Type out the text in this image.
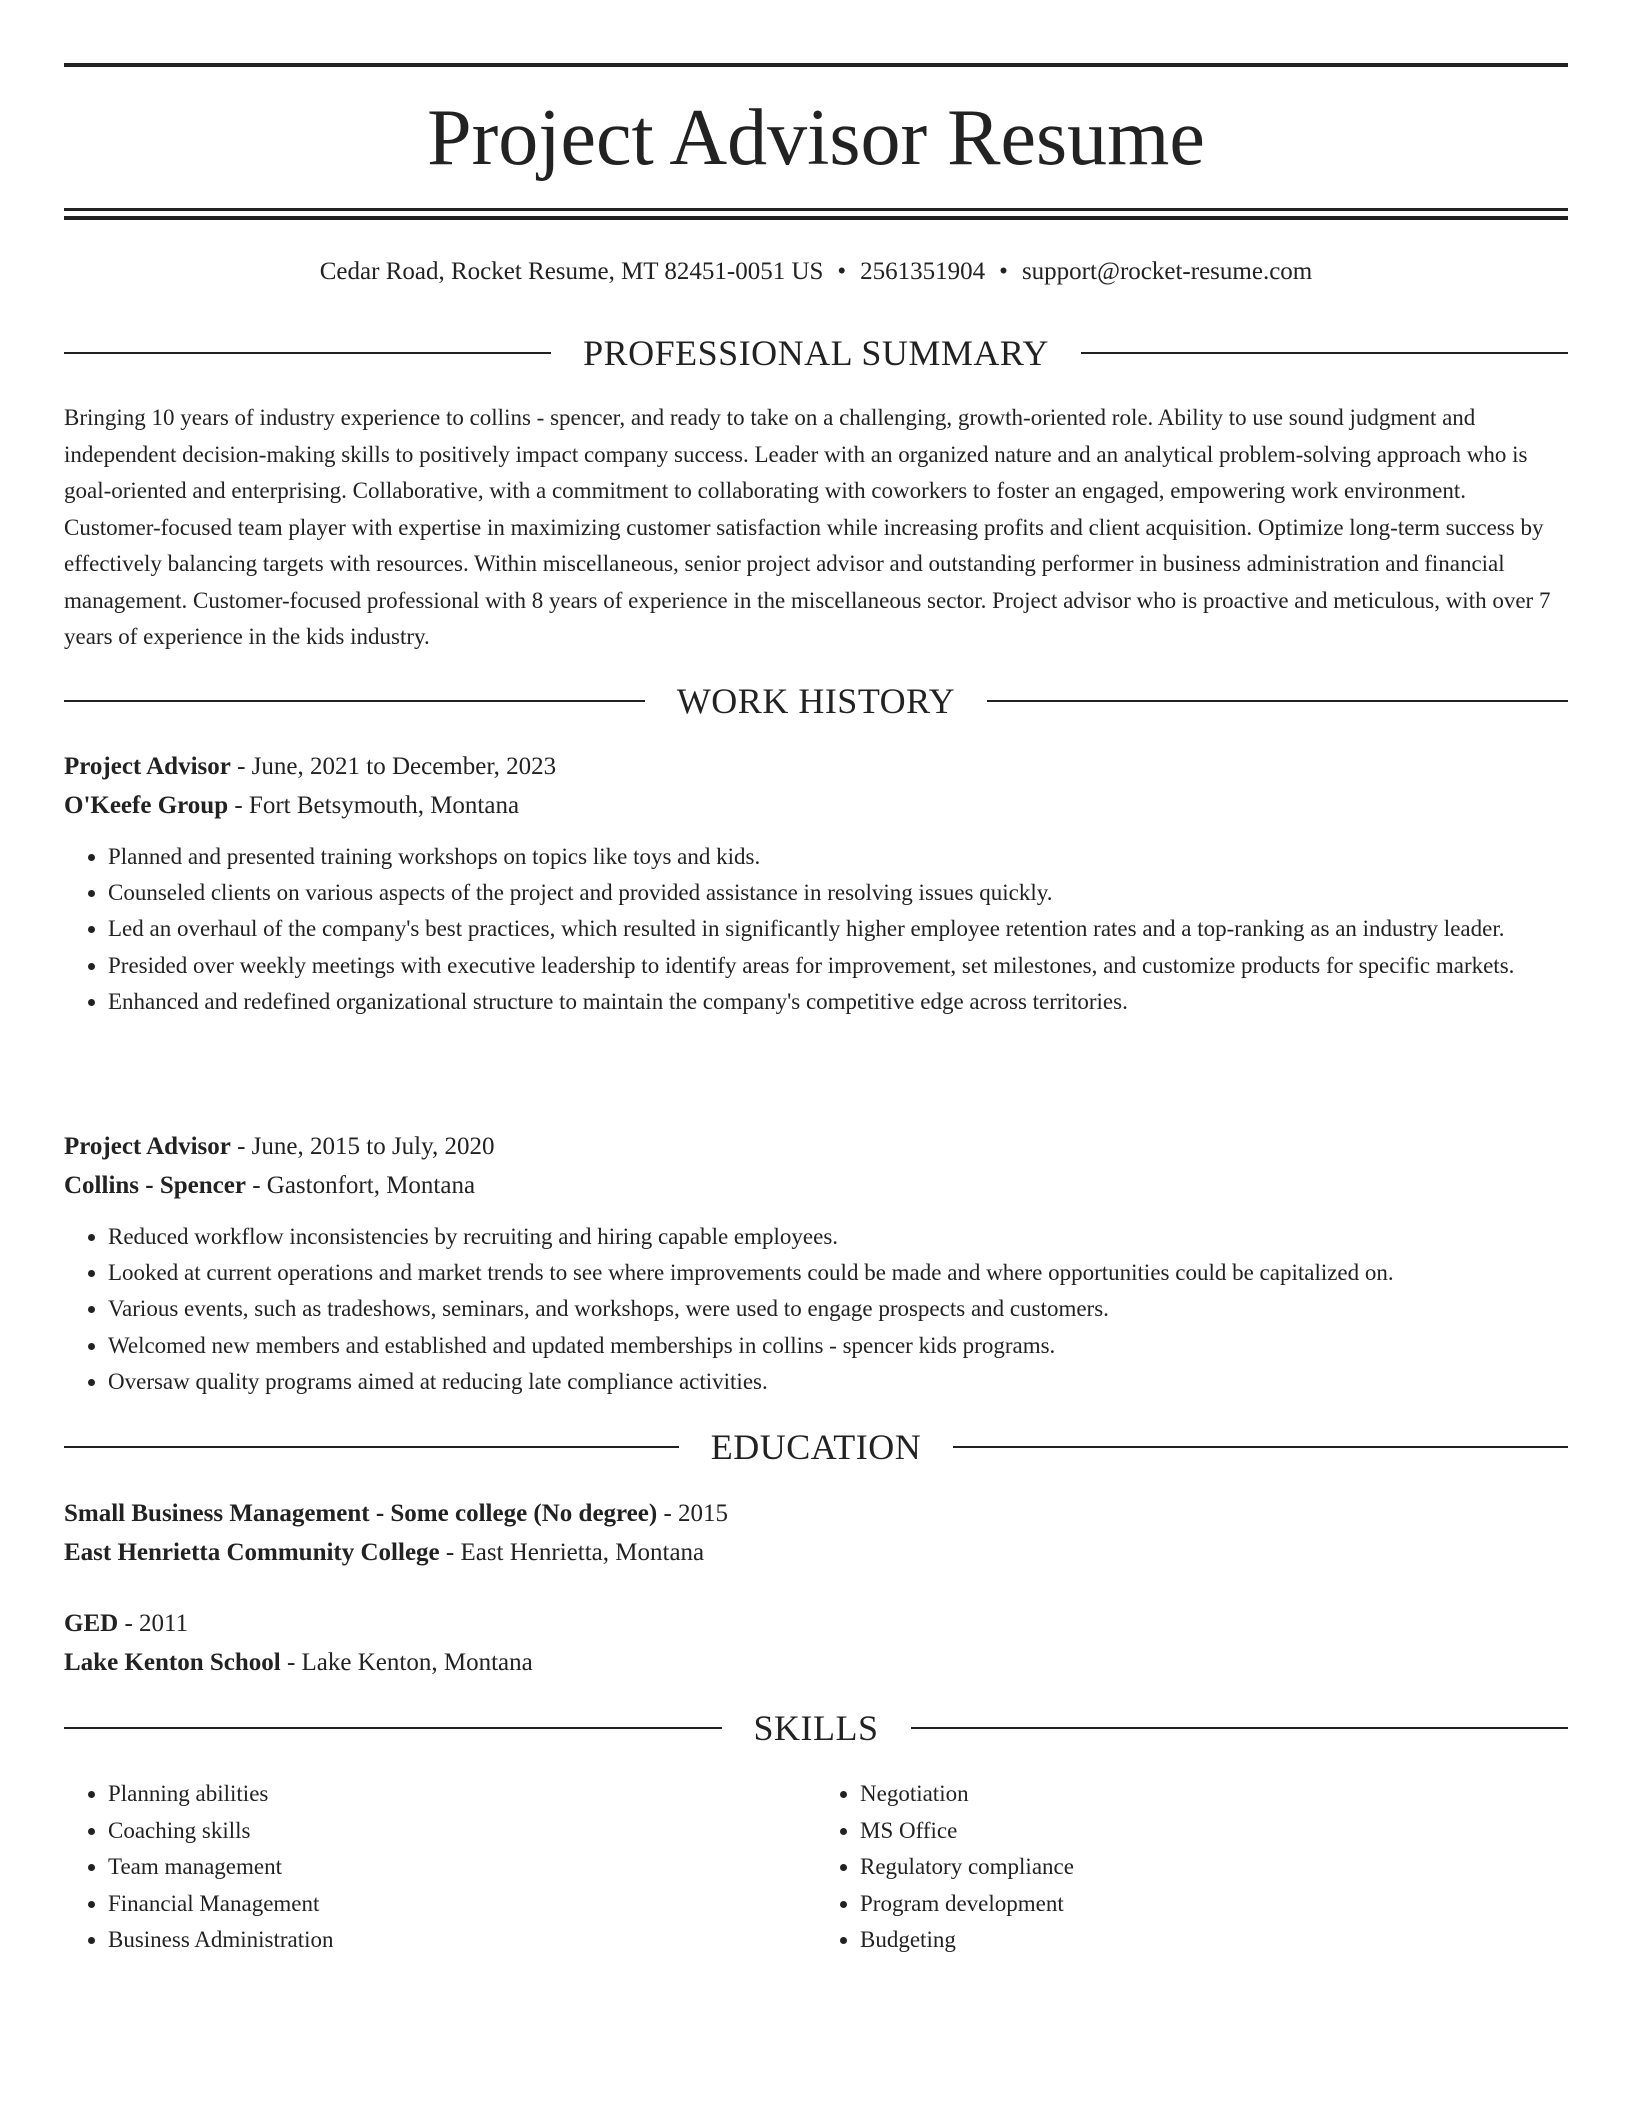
Project Advisor Resume
Cedar Road, Rocket Resume, MT 82451-0051 US • 2561351904 • support@rocket-resume.com
PROFESSIONAL SUMMARY

Bringing 10 years of industry experience to collins - spencer, and ready to take on a challenging, growth-oriented role. Ability to use sound judgment and independent decision-making skills to positively impact company success. Leader with an organized nature and an analytical problem-solving approach who is goal-oriented and enterprising. Collaborative, with a commitment to collaborating with coworkers to foster an engaged, empowering work environment. Customer-focused team player with expertise in maximizing customer satisfaction while increasing profits and client acquisition. Optimize long-term success by effectively balancing targets with resources. Within miscellaneous, senior project advisor and outstanding performer in business administration and financial management. Customer-focused professional with 8 years of experience in the miscellaneous sector. Project advisor who is proactive and meticulous, with over 7 years of experience in the kids industry.

WORK HISTORY
Project Advisor - June, 2021 to December, 2023
O'Keefe Group - Fort Betsymouth, Montana
• Planned and presented training workshops on topics like toys and kids.
• Counseled clients on various aspects of the project and provided assistance in resolving issues quickly.
• Led an overhaul of the company's best practices, which resulted in significantly higher employee retention rates and a top-ranking as an industry leader.
• Presided over weekly meetings with executive leadership to identify areas for improvement, set milestones, and customize products for specific markets.
• Enhanced and redefined organizational structure to maintain the company's competitive edge across territories.
Project Advisor - June, 2015 to July, 2020
Collins - Spencer - Gastonfort, Montana
• Reduced workflow inconsistencies by recruiting and hiring capable employees.
• Looked at current operations and market trends to see where improvements could be made and where opportunities could be capitalized on.
• Various events, such as tradeshows, seminars, and workshops, were used to engage prospects and customers.
• Welcomed new members and established and updated memberships in collins - spencer kids programs.
• Oversaw quality programs aimed at reducing late compliance activities.
EDUCATION
Small Business Management - Some college (No degree) - 2015
East Henrietta Community College - East Henrietta, Montana
GED - 2011
Lake Kenton School - Lake Kenton, Montana
SKILLS
• Planning abilities
• Coaching skills
• Team management
• Financial Management
• Business Administration
• Negotiation
• MS Office
• Regulatory compliance
• Program development
• Budgeting
